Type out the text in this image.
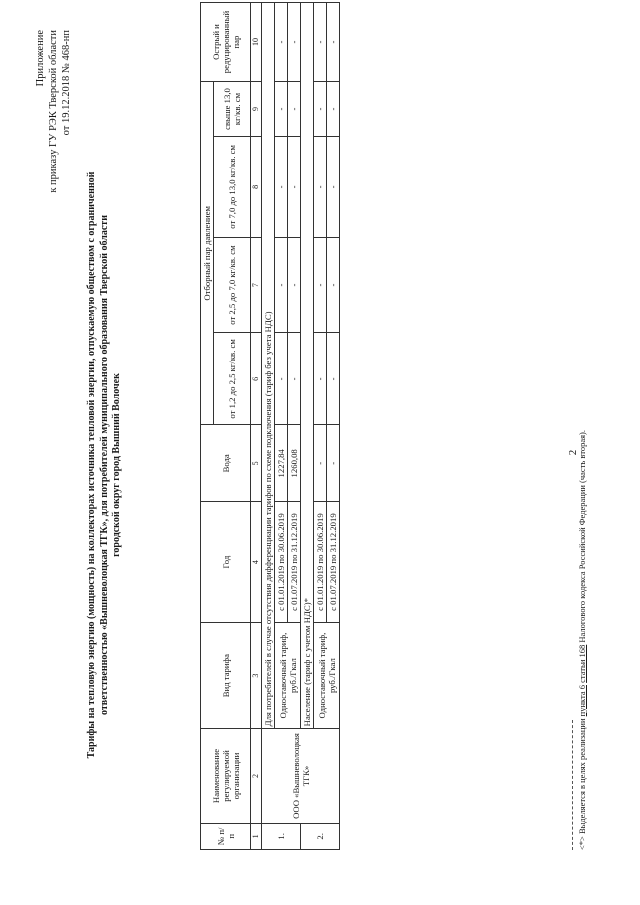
2
Приложение к приказу ГУ РЭК Тверской области от 19.12.2018 № 468-нп
Тарифы на тепловую энергию (мощность) на коллекторах источника тепловой энергии, отпускаемую обществом с ограниченной ответственностью «Вышневолоцкая ТГК», для потребителей муниципального образования Тверской области городской округ город Вышний Волочек
№ п/ п	Наименование регулируемой организации	Вид тарифа	Год	Вода	Отборный пар давлением				Острый и редуцированный пар
					от 1,2 до 2,5 кг/кв. см	от 2,5 до 7,0 кг/кв. см	от 7,0 до 13,0 кг/кв. см	свыше 13,0 кг/кв. см	
1	2	3	4	5	6	7	8	9	10
1.	ООО «Вышневолоцкая ТГК»	Для потребителей в случае отсутствия дифференциации тарифов по схеме подключения (тариф без учета НДС)							
		Одноставочный тариф, руб./Гкал	с 01.01.2019 по 30.06.2019	1227,84	-	-	-	-	-
			с 01.07.2019 по 31.12.2019	1260,08	-	-	-	-	-
2.		Население (тариф с учетом НДС)*							
		Одноставочный тариф, руб./Гкал	с 01.01.2019 по 30.06.2019	-	-	-	-	-	-
			с 01.07.2019 по 31.12.2019	-	-	-	-	-	-
<*> Выделяется в целях реализации пункта 6 статьи 168 Налогового кодекса Российской Федерации (часть вторая).
